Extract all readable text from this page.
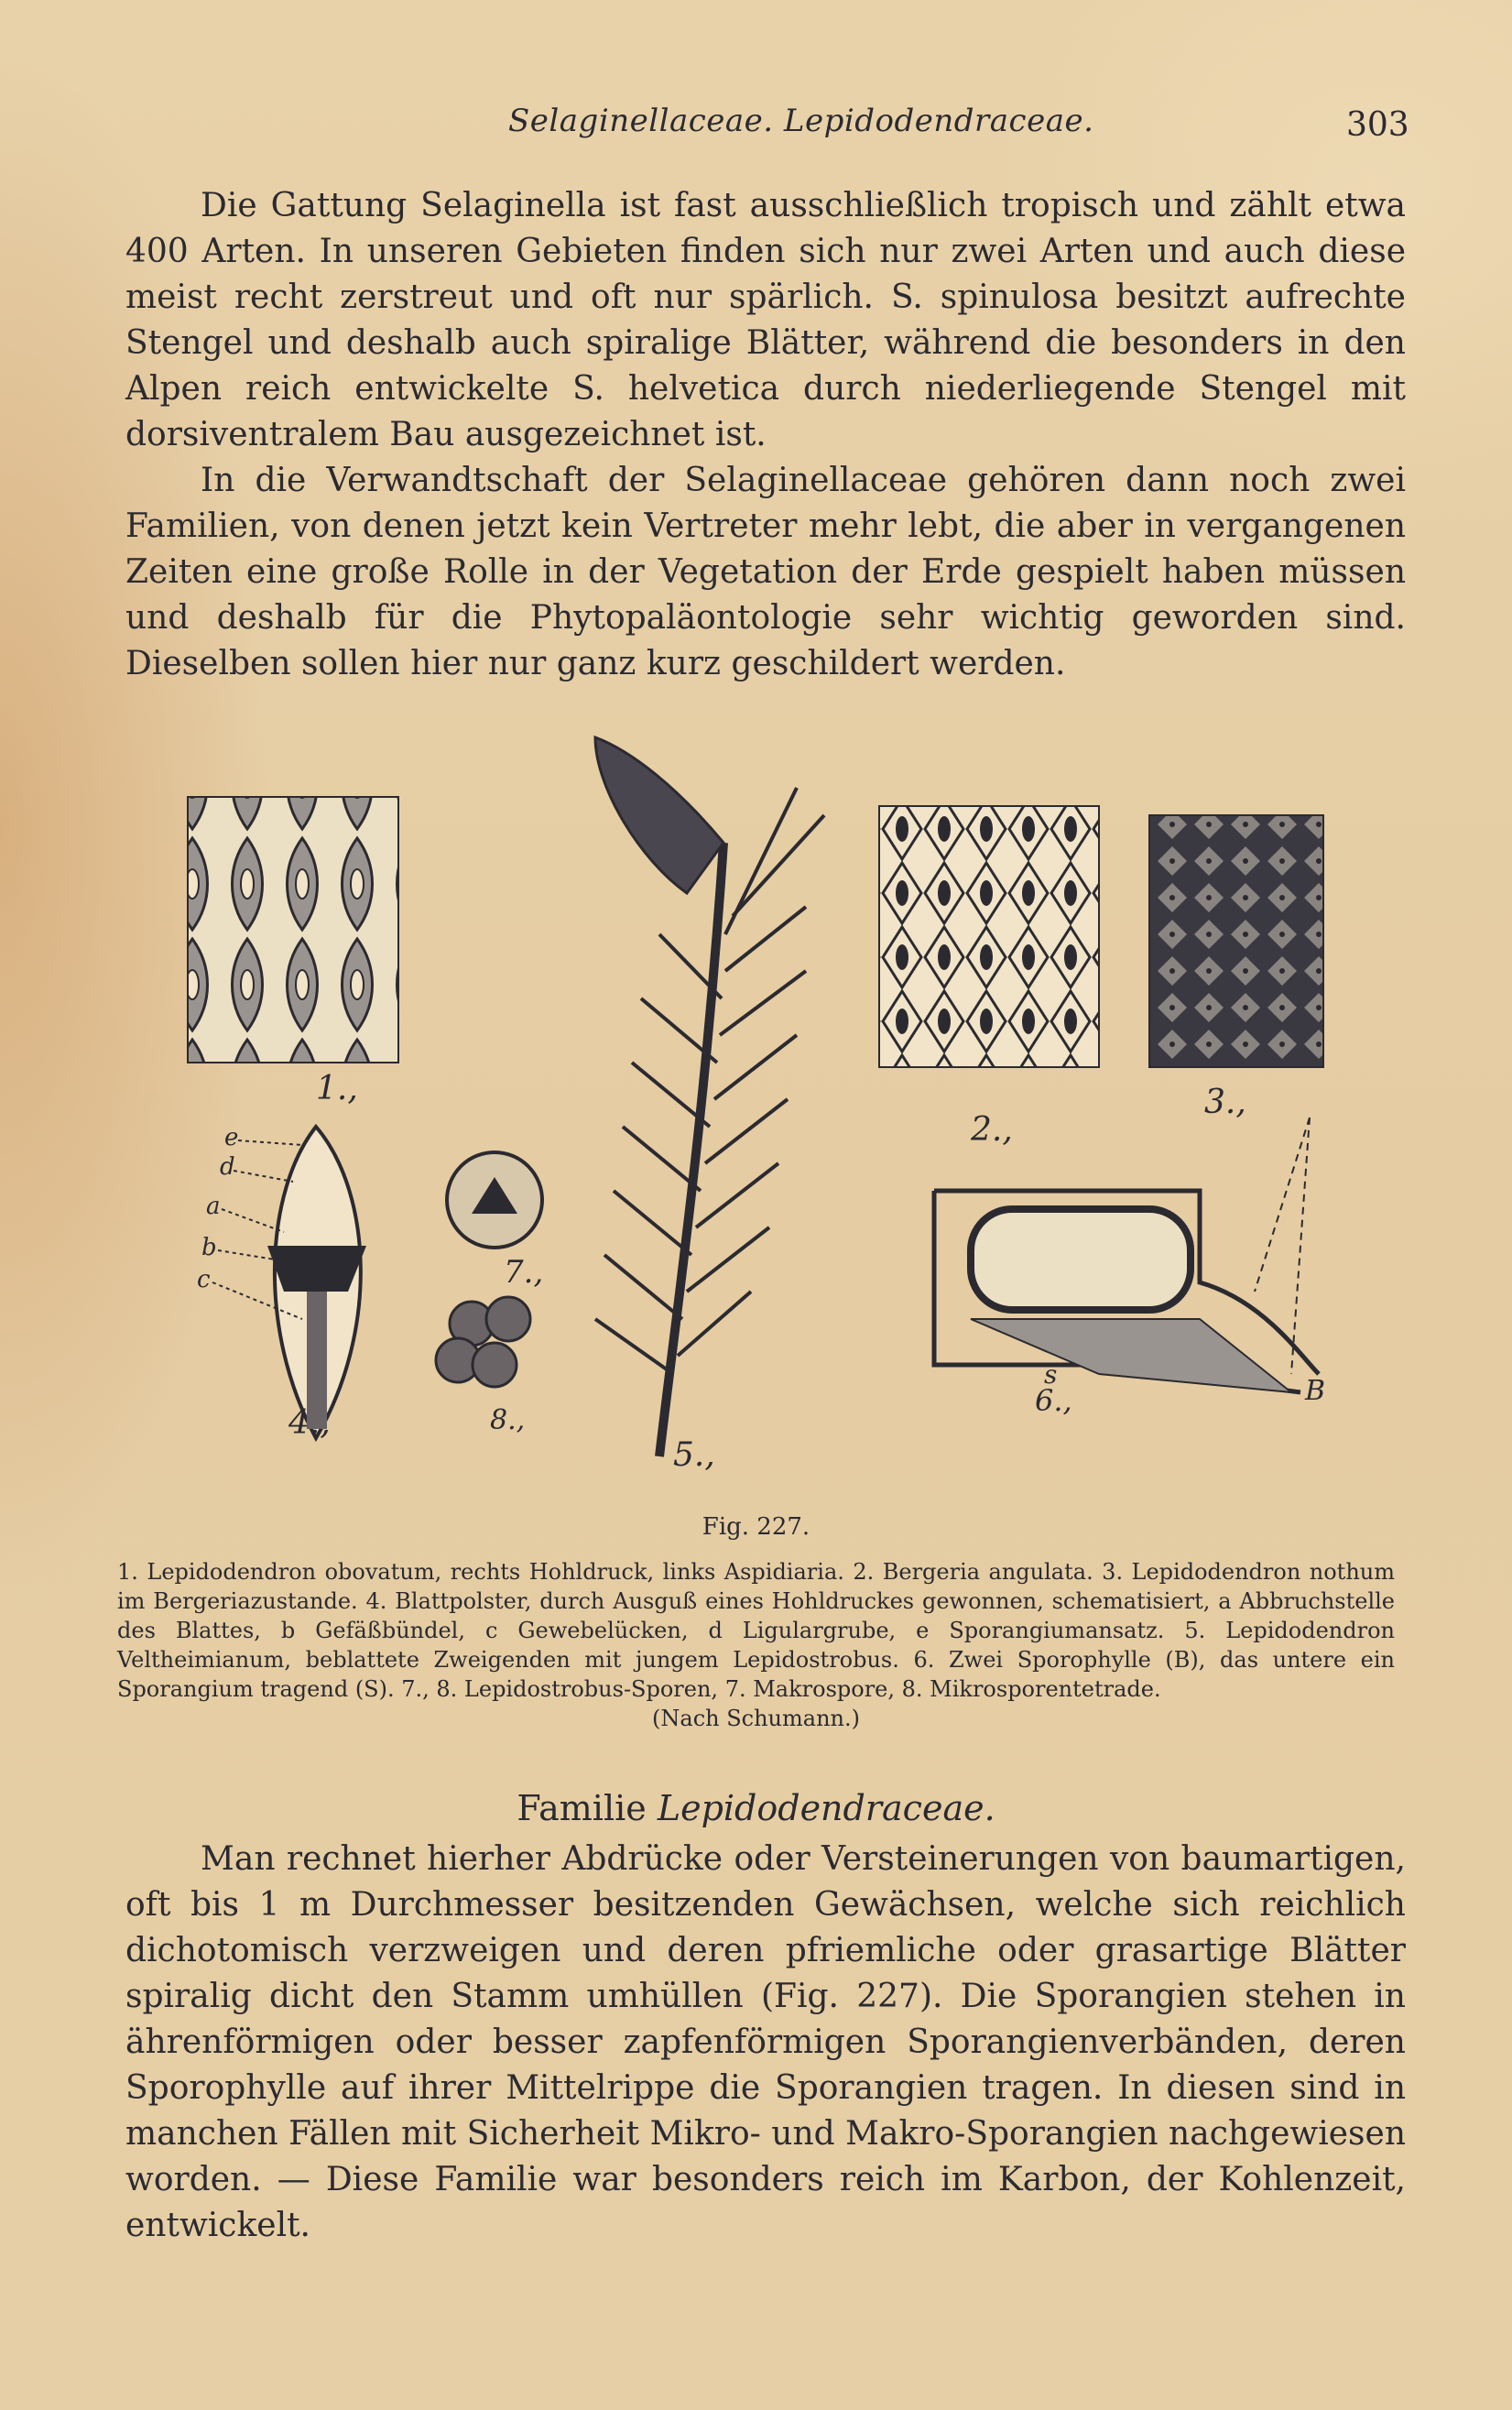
Selaginellaceae. Lepidodendraceae.	303

Die Gattung Selaginella ist fast ausschließlich tropisch und zählt etwa 400 Arten. In unseren Gebieten finden sich nur zwei Arten und auch diese meist recht zerstreut und oft nur spärlich. S. spinulosa besitzt aufrechte Stengel und deshalb auch spiralige Blätter, während die besonders in den Alpen reich entwickelte S. helvetica durch niederliegende Stengel mit dorsiventralem Bau ausgezeichnet ist.

In die Verwandtschaft der Selaginellaceae gehören dann noch zwei Familien, von denen jetzt kein Vertreter mehr lebt, die aber in vergangenen Zeiten eine große Rolle in der Vegetation der Erde gespielt haben müssen und deshalb für die Phytopaläontologie sehr wichtig geworden sind. Dieselben sollen hier nur ganz kurz geschildert werden.

1.,
5.,
2.,
3.,
e
d
a
b
c
4.,
7.,
8.,
s
6.,	B
Fig. 227.

1. Lepidodendron obovatum, rechts Hohldruck, links Aspidiaria. 2. Bergeria angulata. 3. Lepidodendron nothum im Bergeriazustande. 4. Blattpolster, durch Ausguß eines Hohldruckes gewonnen, schematisiert, a Abbruchstelle des Blattes, b Gefäßbündel, c Gewebelücken, d Ligulargrube, e Sporangiumansatz. 5. Lepidodendron Veltheimianum, beblattete Zweigenden mit jungem Lepidostrobus. 6. Zwei Sporophylle (B), das untere ein Sporangium tragend (S). 7., 8. Lepidostrobus-Sporen, 7. Makrospore, 8. Mikrosporentetrade.
(Nach Schumann.)

Familie Lepidodendraceae.

Man rechnet hierher Abdrücke oder Versteinerungen von baumartigen, oft bis 1 m Durchmesser besitzenden Gewächsen, welche sich reichlich dichotomisch verzweigen und deren pfriemliche oder grasartige Blätter spiralig dicht den Stamm umhüllen (Fig. 227). Die Sporangien stehen in ährenförmigen oder besser zapfenförmigen Sporangienverbänden, deren Sporophylle auf ihrer Mittelrippe die Sporangien tragen. In diesen sind in manchen Fällen mit Sicherheit Mikro- und Makro-Sporangien nachgewiesen worden. — Diese Familie war besonders reich im Karbon, der Kohlenzeit, entwickelt.
